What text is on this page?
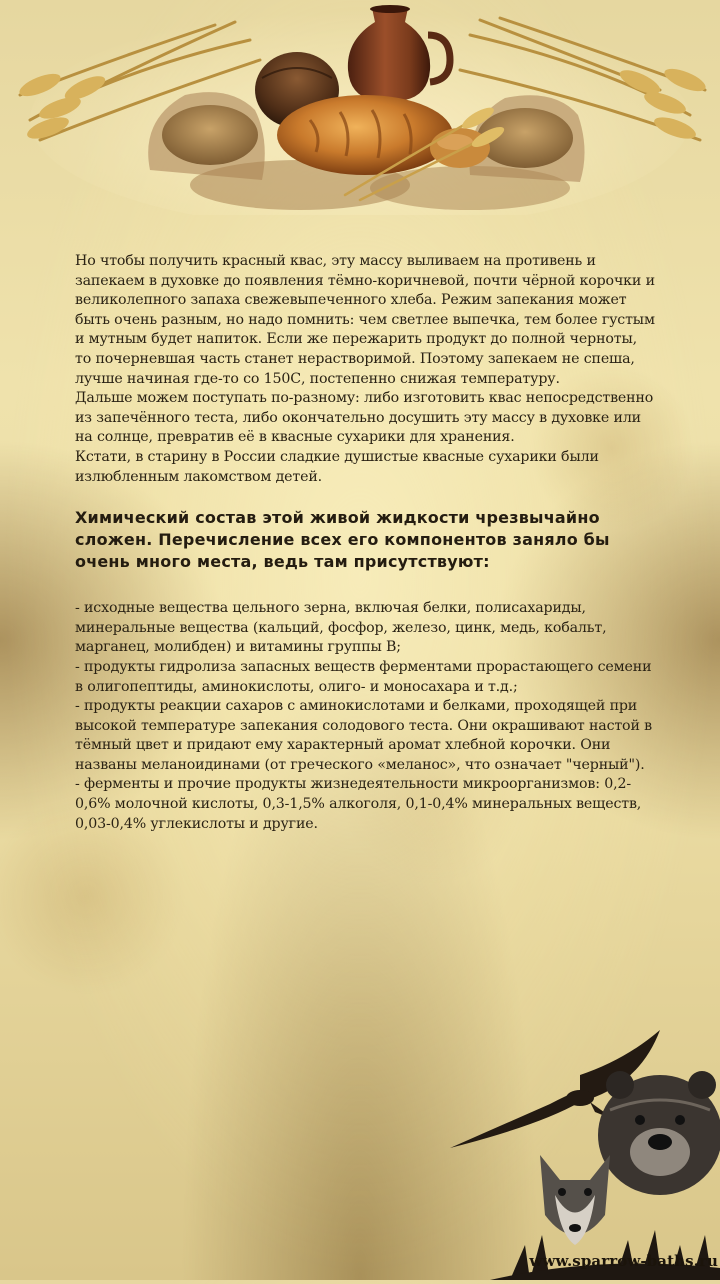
Но чтобы получить красный квас, эту массу выливаем на противень и запекаем в духовке до появления тёмно-коричневой, почти чёрной корочки и великолепного запаха свежевыпеченного хлеба. Режим запекания может быть очень разным, но надо помнить: чем светлее выпечка, тем более густым и мутным будет напиток. Если же пережарить продукт до полной черноты, то почерневшая часть станет нерастворимой. Поэтому запекаем не спеша, лучше начиная где-то со 150С, постепенно снижая температуру.

Дальше можем поступать по-разному: либо изготовить квас непосредственно из запечённого теста, либо окончательно досушить эту массу в духовке или на солнце, превратив её в квасные сухарики для хранения.

Кстати, в старину в России сладкие душистые квасные сухарики были излюбленным лакомством детей.

Химический состав этой живой жидкости чрезвычайно сложен. Перечисление всех его компонентов заняло бы очень много места, ведь там присутствуют:
- исходные вещества цельного зерна, включая белки, полисахариды, минеральные вещества (кальций, фосфор, железо, цинк, медь, кобальт, марганец, молибден) и витамины группы B;
- продукты гидролиза запасных веществ ферментами прорастающего семени в олигопептиды, аминокислоты, олиго- и моносахара и т.д.;
- продукты реакции сахаров с аминокислотами и белками, проходящей при высокой температуре запекания солодового теста. Они окрашивают настой в тёмный цвет и придают ему характерный аромат хлебной корочки. Они названы меланоидинами (от греческого «меланос», что означает "черный").
- ферменты и прочие продукты жизнедеятельности микроорганизмов: 0,2-0,6% молочной кислоты, 0,3-1,5% алкоголя, 0,1-0,4% минеральных веществ, 0,03-0,4% углекислоты и другие.
www.sparrow-baths.ru
